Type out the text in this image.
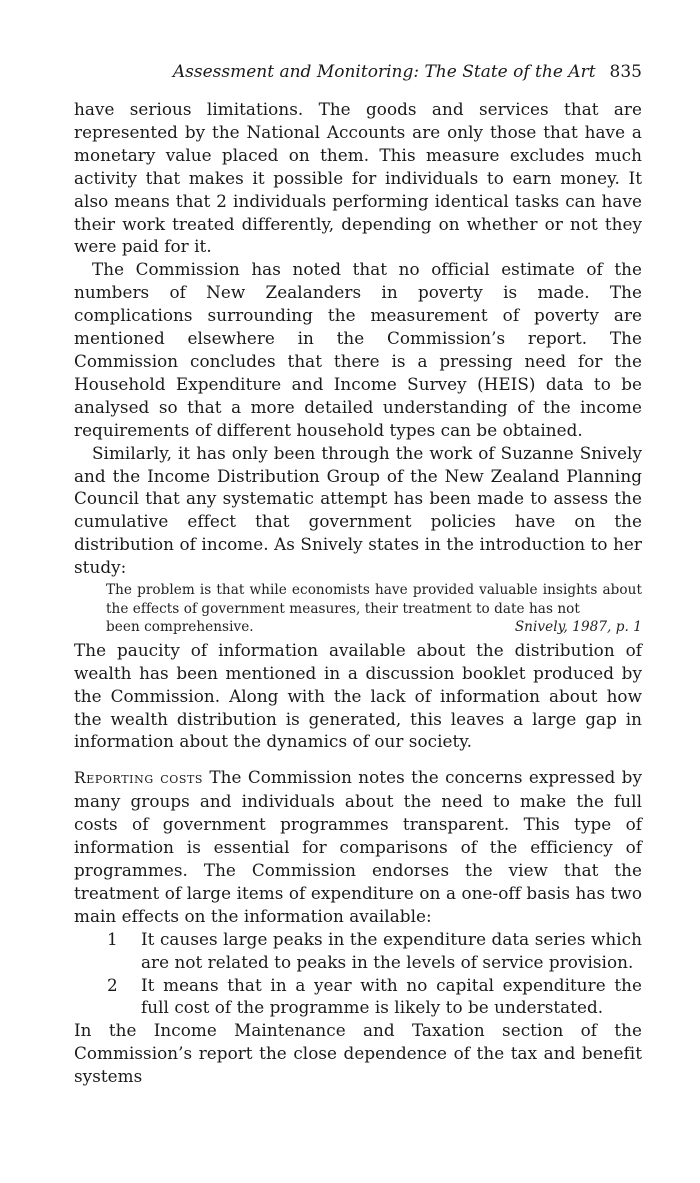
Assessment and Monitoring: The State of the Art 835

have serious limitations. The goods and services that are represented by the National Accounts are only those that have a monetary value placed on them. This measure excludes much activity that makes it possible for individuals to earn money. It also means that 2 individuals performing identical tasks can have their work treated differently, depending on whether or not they were paid for it.

The Commission has noted that no official estimate of the numbers of New Zealanders in poverty is made. The complications surrounding the measurement of poverty are mentioned elsewhere in the Commission’s report. The Commission concludes that there is a pressing need for the Household Expenditure and Income Survey (HEIS) data to be analysed so that a more detailed understanding of the income requirements of different household types can be obtained.

Similarly, it has only been through the work of Suzanne Snively and the Income Distribution Group of the New Zealand Planning Council that any systematic attempt has been made to assess the cumulative effect that government policies have on the distribution of income. As Snively states in the introduction to her study:

The problem is that while economists have provided valuable insights about the effects of government measures, their treatment to date has not
been comprehensive.	Snively, 1987, p. 1

The paucity of information available about the distribution of wealth has been mentioned in a discussion booklet produced by the Commission. Along with the lack of information about how the wealth distribution is generated, this leaves a large gap in information about the dynamics of our society.

Reporting costs The Commission notes the concerns expressed by many groups and individuals about the need to make the full costs of government programmes transparent. This type of information is essential for comparisons of the efficiency of programmes. The Commission endorses the view that the treatment of large items of expenditure on a one-off basis has two main effects on the information available:

1	It causes large peaks in the expenditure data series which are not related to peaks in the levels of service provision.
2	It means that in a year with no capital expenditure the full cost of the programme is likely to be understated.

In the Income Maintenance and Taxation section of the Commission’s report the close dependence of the tax and benefit systems
